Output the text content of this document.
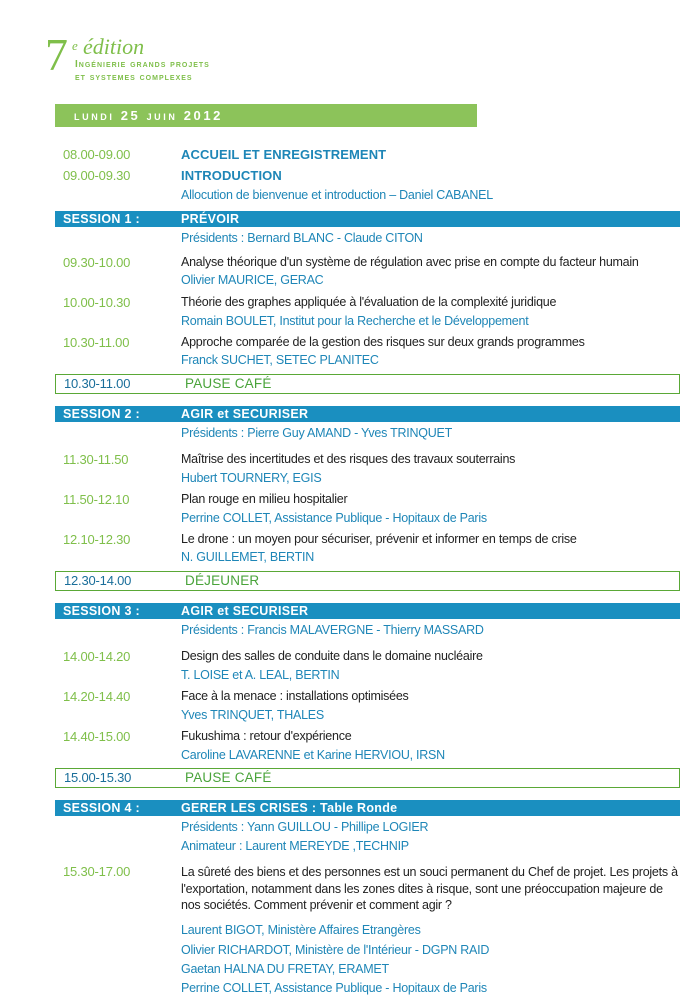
7 e édition
Ingénierie grands projets
et systemes complexes
lundi 25 juin 2012
08.00-09.00	ACCUEIL ET ENREGISTREMENT
09.00-09.30	INTRODUCTION
Allocution de bienvenue et introduction – Daniel CABANEL
SESSION 1 :	PRÉVOIR
Présidents : Bernard BLANC - Claude CITON
09.30-10.00	Analyse théorique d'un système de régulation avec prise en compte du facteur humain
Olivier MAURICE, GERAC
10.00-10.30	Théorie des graphes appliquée à l'évaluation de la complexité juridique
Romain BOULET, Institut pour la Recherche et le Développement
10.30-11.00	Approche comparée de la gestion des risques sur deux grands programmes
Franck SUCHET, SETEC PLANITEC
10.30-11.00	PAUSE CAFÉ
SESSION 2 :	AGIR et SECURISER
Présidents : Pierre Guy AMAND - Yves TRINQUET
11.30-11.50	Maîtrise des incertitudes et des risques des travaux souterrains
Hubert TOURNERY, EGIS
11.50-12.10	Plan rouge en milieu hospitalier
Perrine COLLET, Assistance Publique - Hopitaux de Paris
12.10-12.30	Le drone : un moyen pour sécuriser, prévenir et informer en temps de crise
N. GUILLEMET, BERTIN
12.30-14.00	DÉJEUNER
SESSION 3 :	AGIR et SECURISER
Présidents : Francis MALAVERGNE - Thierry MASSARD
14.00-14.20	Design des salles de conduite dans le domaine nucléaire
T. LOISE et A. LEAL, BERTIN
14.20-14.40	Face à la menace : installations optimisées
Yves TRINQUET, THALES
14.40-15.00	Fukushima : retour d'expérience
Caroline LAVARENNE et Karine HERVIOU, IRSN
15.00-15.30	PAUSE CAFÉ
SESSION 4 :	GERER LES CRISES : Table Ronde
Présidents : Yann GUILLOU - Phillipe LOGIER
Animateur : Laurent MEREYDE ,TECHNIP
15.30-17.00	La sûreté des biens et des personnes est un souci permanent du Chef de projet. Les projets à l'exportation, notamment dans les zones dites à risque, sont une préoccupation majeure de nos sociétés. Comment prévenir et comment agir ?
Laurent BIGOT, Ministère Affaires Etrangères
Olivier RICHARDOT, Ministère de l'Intérieur - DGPN RAID
Gaetan HALNA DU FRETAY, ERAMET
Perrine COLLET, Assistance Publique - Hopitaux de Paris
